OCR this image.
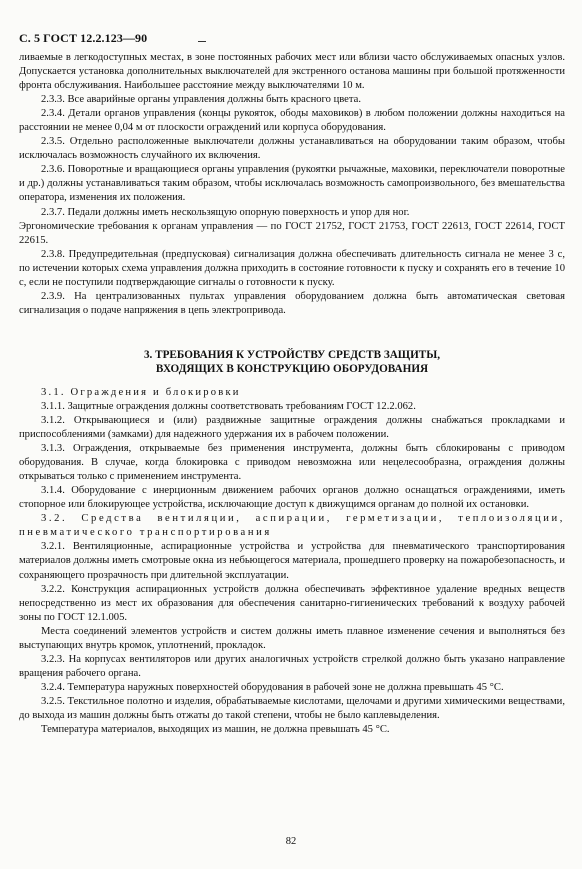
С. 5 ГОСТ 12.2.123—90

ливаемые в легкодоступных местах, в зоне постоянных рабочих мест или вблизи часто обслуживаемых опасных узлов. Допускается установка дополнительных выключателей для экстренного останова машины при большой протяженности фронта обслуживания. Наибольшее расстояние между выключателями 10 м.

2.3.3. Все аварийные органы управления должны быть красного цвета.

2.3.4. Детали органов управления (концы рукояток, ободы маховиков) в любом положении должны находиться на расстоянии не менее 0,04 м от плоскости ограждений или корпуса оборудования.

2.3.5. Отдельно расположенные выключатели должны устанавливаться на оборудовании таким образом, чтобы исключалась возможность случайного их включения.

2.3.6. Поворотные и вращающиеся органы управления (рукоятки рычажные, маховики, переключатели поворотные и др.) должны устанавливаться таким образом, чтобы исключалась возможность самопроизвольного, без вмешательства оператора, изменения их положения.

2.3.7. Педали должны иметь нескользящую опорную поверхность и упор для ног.

Эргономические требования к органам управления — по ГОСТ 21752, ГОСТ 21753, ГОСТ 22613, ГОСТ 22614, ГОСТ 22615.

2.3.8. Предупредительная (предпусковая) сигнализация должна обеспечивать длительность сигнала не менее 3 с, по истечении которых схема управления должна приходить в состояние готовности к пуску и сохранять его в течение 10 с, если не поступили подтверждающие сигналы о готовности к пуску.

2.3.9. На централизованных пультах управления оборудованием должна быть автоматическая световая сигнализация о подаче напряжения в цепь электропривода.

3. ТРЕБОВАНИЯ К УСТРОЙСТВУ СРЕДСТВ ЗАЩИТЫ,
ВХОДЯЩИХ В КОНСТРУКЦИЮ ОБОРУДОВАНИЯ

3.1. Ограждения и блокировки

3.1.1. Защитные ограждения должны соответствовать требованиям ГОСТ 12.2.062.

3.1.2. Открывающиеся и (или) раздвижные защитные ограждения должны снабжаться прокладками и приспособлениями (замками) для надежного удержания их в рабочем положении.

3.1.3. Ограждения, открываемые без применения инструмента, должны быть сблокированы с приводом оборудования. В случае, когда блокировка с приводом невозможна или нецелесообразна, ограждения должны открываться только с применением инструмента.

3.1.4. Оборудование с инерционным движением рабочих органов должно оснащаться ограждениями, иметь стопорное или блокирующее устройства, исключающие доступ к движущимся органам до полной их остановки.

3.2. Средства вентиляции, аспирации, герметизации, теплоизоляции, пневматического транспортирования

3.2.1. Вентиляционные, аспирационные устройства и устройства для пневматического транспортирования материалов должны иметь смотровые окна из небьющегося материала, прошедшего проверку на пожаробезопасность, и сохраняющего прозрачность при длительной эксплуатации.

3.2.2. Конструкция аспирационных устройств должна обеспечивать эффективное удаление вредных веществ непосредственно из мест их образования для обеспечения санитарно-гигиенических требований к воздуху рабочей зоны по ГОСТ 12.1.005.

Места соединений элементов устройств и систем должны иметь плавное изменение сечения и выполняться без выступающих внутрь кромок, уплотнений, прокладок.

3.2.3. На корпусах вентиляторов или других аналогичных устройств стрелкой должно быть указано направление вращения рабочего органа.

3.2.4. Температура наружных поверхностей оборудования в рабочей зоне не должна превышать 45 °С.

3.2.5. Текстильное полотно и изделия, обрабатываемые кислотами, щелочами и другими химическими веществами, до выхода из машин должны быть отжаты до такой степени, чтобы не было каплевыделения.

Температура материалов, выходящих из машин, не должна превышать 45 °С.

82
